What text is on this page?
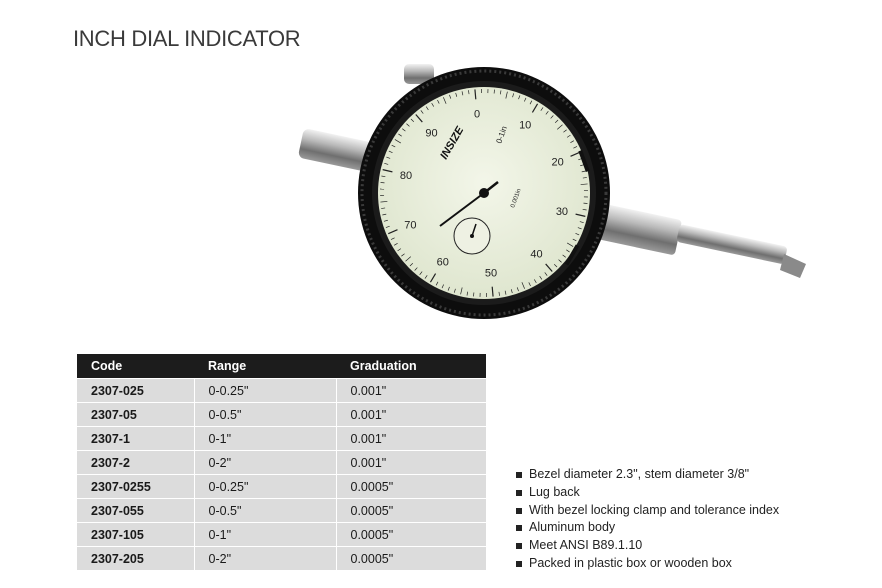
INCH DIAL INDICATOR
0
10
20
30
40
50
60
70
80
90 INSIZE	0-1in
0.001in
Code	Range	Graduation
2307-025	0-0.25"	0.001"
2307-05	0-0.5"	0.001"
2307-1	0-1"	0.001"
2307-2	0-2"	0.001"
2307-0255	0-0.25"	0.0005"
2307-055	0-0.5"	0.0005"
2307-105	0-1"	0.0005"
2307-205	0-2"	0.0005"
Bezel diameter 2.3", stem diameter 3/8"
Lug back
With bezel locking clamp and tolerance index
Aluminum body
Meet ANSI B89.1.10
Packed in plastic box or wooden box
